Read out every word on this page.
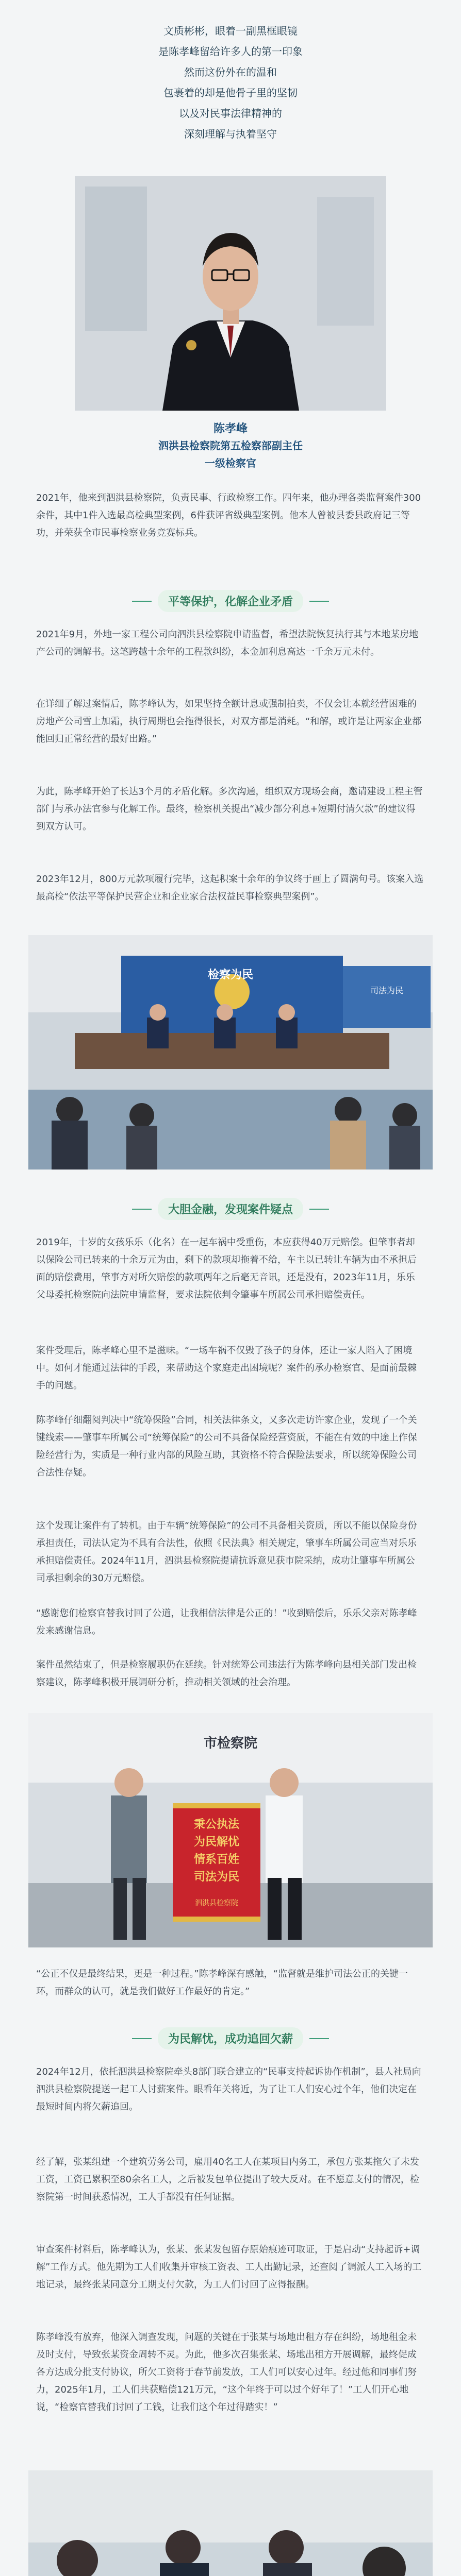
文质彬彬，眼着一副黑框眼镜
是陈孝峰留给许多人的第一印象
然而这份外在的温和
包裹着的却是他骨子里的坚韧
以及对民事法律精神的
深刻理解与执着坚守
陈孝峰
泗洪县检察院第五检察部副主任
一级检察官
2021年，他来到泗洪县检察院，负责民事、行政检察工作。四年来，他办理各类监督案件300余件，其中1件入选最高检典型案例，6件获评省级典型案例。他本人曾被县委县政府记三等功，并荣获全市民事检察业务竞赛标兵。
平等保护，化解企业矛盾
2021年9月，外地一家工程公司向泗洪县检察院申请监督，希望法院恢复执行其与本地某房地产公司的调解书。这笔跨越十余年的工程款纠纷，本金加利息高达一千余万元未付。
在详细了解过案情后，陈孝峰认为，如果坚持全额计息或强制拍卖，不仅会让本就经营困难的房地产公司雪上加霜，执行周期也会拖得很长，对双方都是消耗。“和解，或许是让两家企业都能回归正常经营的最好出路。”
为此，陈孝峰开始了长达3个月的矛盾化解。多次沟通，组织双方现场会商，邀请建设工程主管部门与承办法官参与化解工作。最终，检察机关提出“减少部分利息+短期付清欠款”的建议得到双方认可。
2023年12月，800万元款项履行完毕，这起积案十余年的争议终于画上了圆满句号。该案入选最高检“依法平等保护民营企业和企业家合法权益民事检察典型案例”。
检察为民
司法为民
大胆金融，发现案件疑点
2019年，十岁的女孩乐乐（化名）在一起车祸中受重伤，本应获得40万元赔偿。但肇事者却以保险公司已转来的十余万元为由，剩下的款项却拖着不给，车主以已转让车辆为由不承担后面的赔偿费用，肇事方对所欠赔偿的款项两年之后毫无音讯，还是没有，2023年11月，乐乐父母委托检察院向法院申请监督，要求法院依判令肇事车所属公司承担赔偿责任。
案件受理后，陈孝峰心里不是滋味。“一场车祸不仅毁了孩子的身体，还让一家人陷入了困境中。如何才能通过法律的手段，来帮助这个家庭走出困境呢？案件的承办检察官、是面前最棘手的问题。
陈孝峰仔细翻阅判决中“统筹保险”合同，相关法律条文，又多次走访许家企业，发现了一个关键线索——肇事车所属公司“统筹保险”的公司不具备保险经营资质，不能在有效的中途上作保险经营行为，实质是一种行业内部的风险互助，其资格不符合保险法要求，所以统筹保险公司合法性存疑。
这个发现让案件有了转机。由于车辆“统筹保险”的公司不具备相关资质，所以不能以保险身份承担责任，司法认定为不具有合法性，依照《民法典》相关规定，肇事车所属公司应当对乐乐承担赔偿责任。2024年11月，泗洪县检察院提请抗诉意见获市院采纳，成功让肇事车所属公司承担剩余的30万元赔偿。
“感谢您们检察官替我讨回了公道，让我相信法律是公正的！”收到赔偿后，乐乐父亲对陈孝峰发来感谢信息。
案件虽然结束了，但是检察履职仍在延续。针对统筹公司违法行为陈孝峰向县相关部门发出检察建议，陈孝峰积极开展调研分析，推动相关领域的社会治理。
市检察院
秉公执法
为民解忧
情系百姓
司法为民
泗洪县检察院
“公正不仅是最终结果，更是一种过程。”陈孝峰深有感触，“监督就是维护司法公正的关键一环，而群众的认可，就是我们做好工作最好的肯定。”
为民解忧，成功追回欠薪
2024年12月，依托泗洪县检察院牵头8部门联合建立的“民事支持起诉协作机制”，县人社局向泗洪县检察院提送一起工人讨薪案件。眼看年关将近，为了让工人们安心过个年，他们决定在最短时间内将欠薪追回。
经了解，张某组建一个建筑劳务公司，雇用40名工人在某项目内务工，承包方张某拖欠了未发工资，工资已累积至80余名工人，之后被发包单位提出了较大反对。在不愿意支付的情况，检察院第一时间获悉情况，工人手都没有任何证据。
审查案件材料后，陈孝峰认为，张某、张某发包留存原始痕迹可取证，于是启动“支持起诉+调解”工作方式。他先期为工人们收集并审核工资表、工人出勤记录，还查阅了调派人工入场的工地记录，最终张某同意分工期支付欠款，为工人们讨回了应得报酬。
陈孝峰没有放弃，他深入调查发现，问题的关键在于张某与场地出租方存在纠纷，场地租金未及时支付，导致张某资金周转不灵。为此，他多次召集张某、场地出租方开展调解，最终促成各方达成分批支付协议，所欠工资将于春节前发放，工人们可以安心过年。经过他和同事们努力，2025年1月，工人们共获赔偿121万元，“这个年终于可以过个好年了！”工人们开心地说，“检察官替我们讨回了工钱，让我们这个年过得踏实！”
